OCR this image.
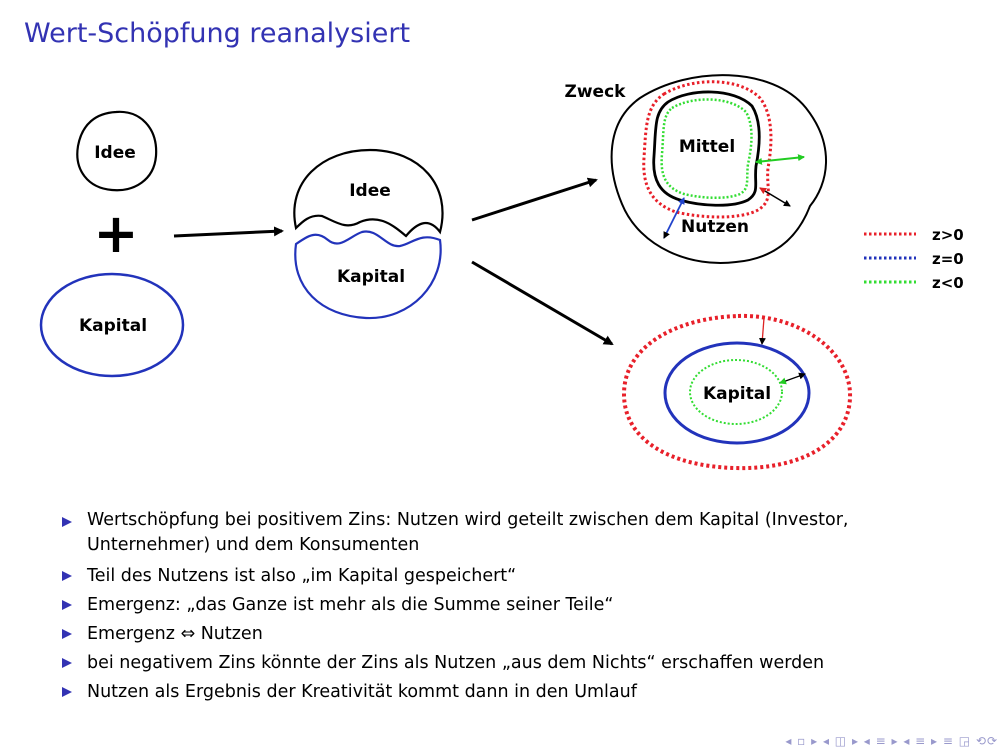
Wert-Schöpfung reanalysiert
Idee
+
Kapital
Idee
Kapital
Zweck
Mittel
Nutzen	z>0
z=0
z<0
Kapital
Wertschöpfung bei positivem Zins: Nutzen wird geteilt zwischen dem Kapital (Investor, Unternehmer) und dem Konsumenten
Teil des Nutzens ist also „im Kapital gespeichert“
Emergenz: „das Ganze ist mehr als die Summe seiner Teile“
Emergenz ⇔ Nutzen
bei negativem Zins könnte der Zins als Nutzen „aus dem Nichts“ erschaffen werden
Nutzen als Ergebnis der Kreativität kommt dann in den Umlauf
◂ ▫ ▸ ◂ ◫ ▸ ◂ ≡ ▸ ◂ ≡ ▸ ≡ ◲ ⟲⟳
